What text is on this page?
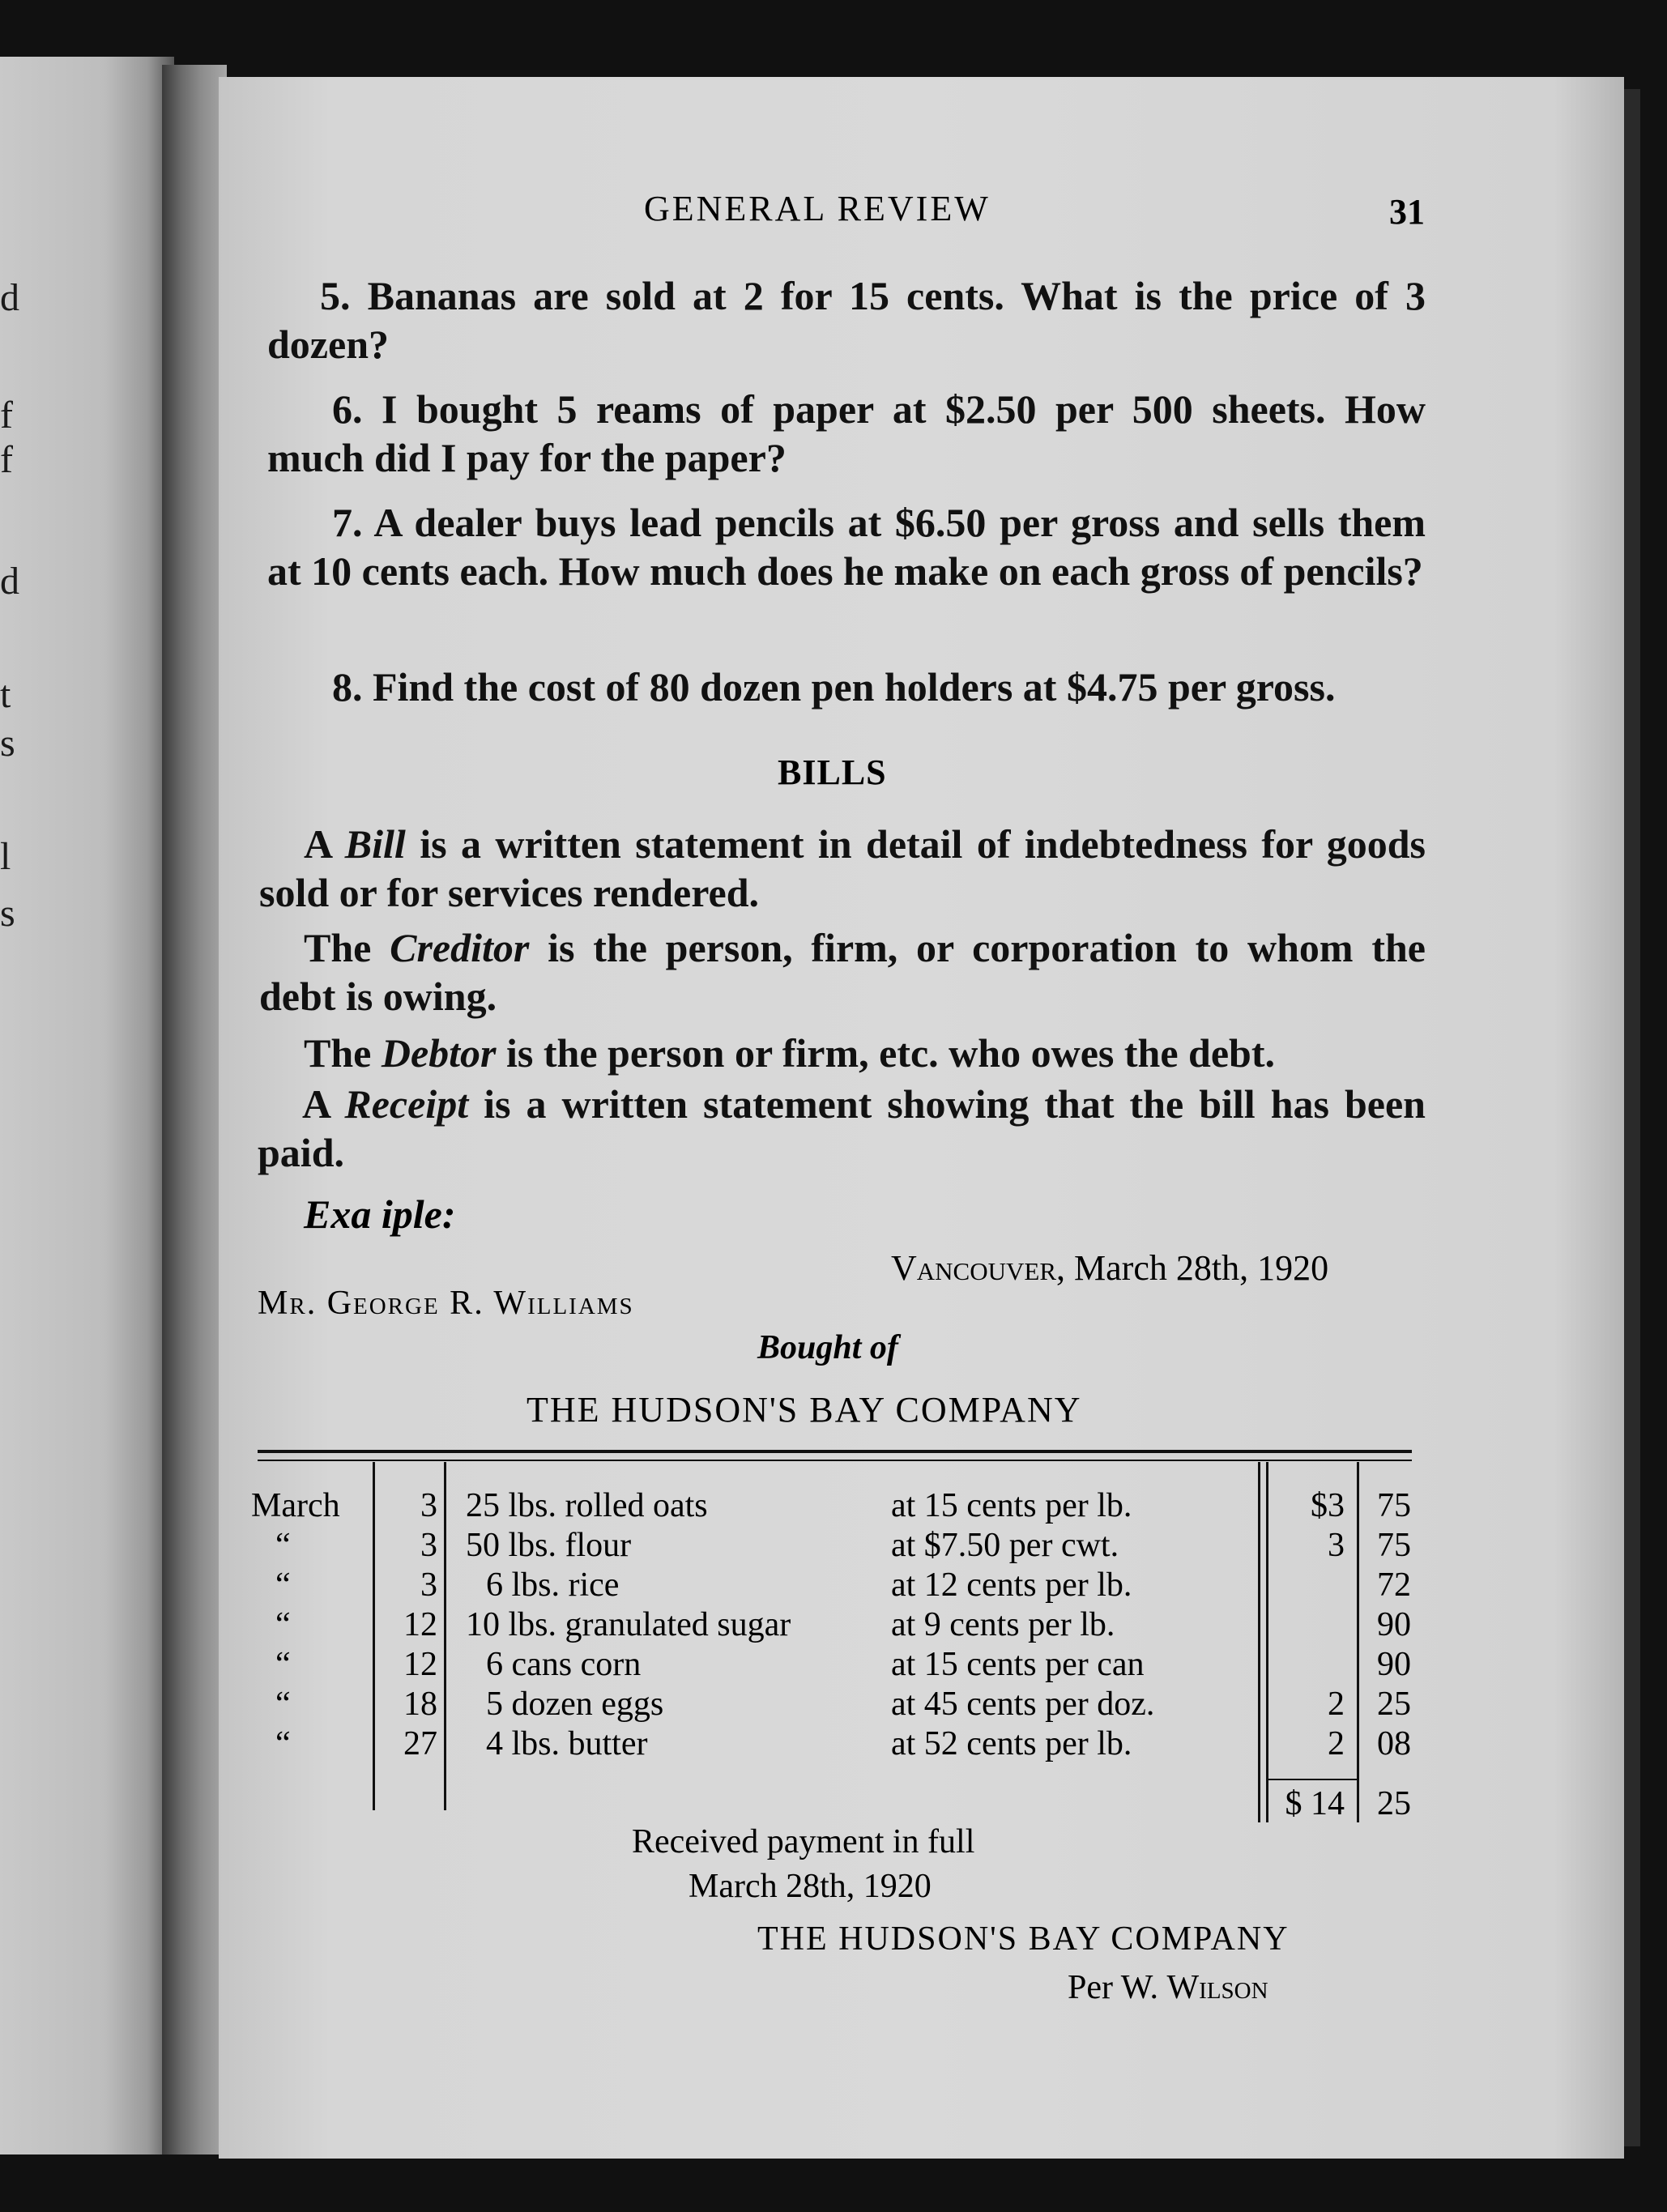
d
f
f
d
t
s
l
s
GENERAL REVIEW	31
5. Bananas are sold at 2 for 15 cents. What is the price of 3 dozen?
6. I bought 5 reams of paper at $2.50 per 500 sheets. How much did I pay for the paper?
7. A dealer buys lead pencils at $6.50 per gross and sells them at 10 cents each. How much does he make on each gross of pencils?
8. Find the cost of 80 dozen pen holders at $4.75 per gross.
BILLS
A Bill is a written statement in detail of indebtedness for goods sold or for services rendered.
The Creditor is the person, firm, or corporation to whom the debt is owing.
The Debtor is the person or firm, etc. who owes the debt.
A Receipt is a written statement showing that the bill has been paid.
Exa iple:
Vancouver, March 28th, 1920
Mr. George R. Williams
Bought of
THE HUDSON'S BAY COMPANY
March	3 25 lbs. rolled oats	at 15 cents per lb.	$3 75
“	3 50 lbs. flour	at $7.50 per cwt.	3 75
“	3 6 lbs. rice	at 12 cents per lb.	72
“	12 10 lbs. granulated sugar	at 9 cents per lb.	90
“	12 6 cans corn	at 15 cents per can	90
“	18 5 dozen eggs	at 45 cents per doz.	2 25
“	27 4 lbs. butter	at 52 cents per lb.	2 08
$ 14 25
Received payment in full
March 28th, 1920
THE HUDSON'S BAY COMPANY
Per W. Wilson
